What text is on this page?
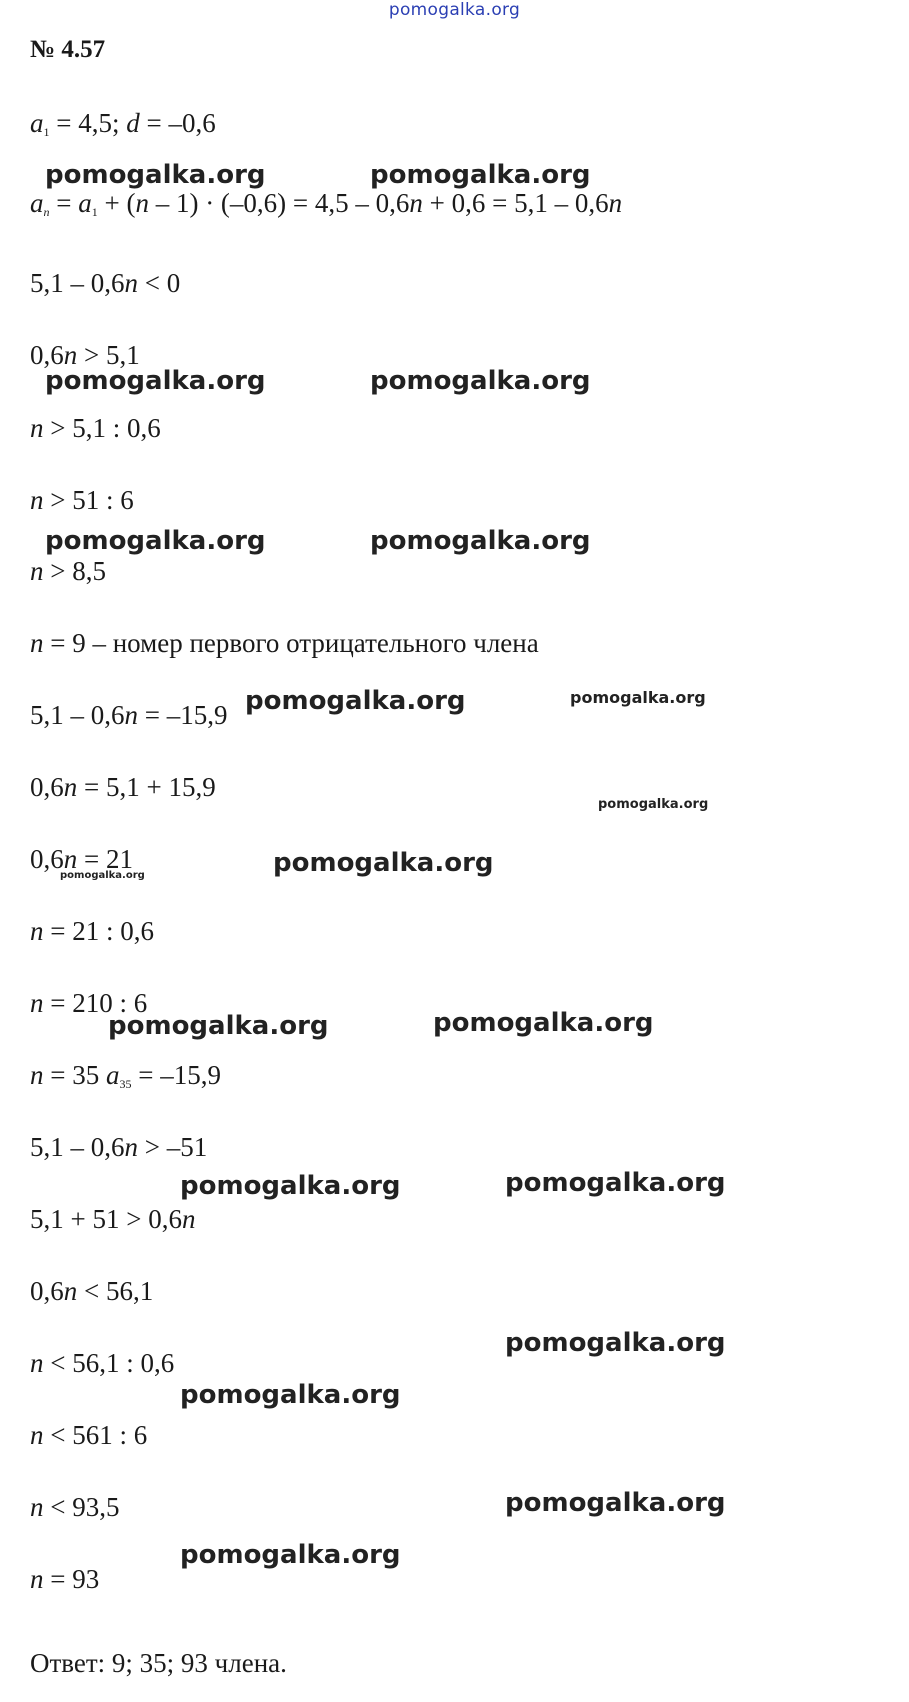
pomogalka.org
№ 4.57
$a_1 = 4,5$; d = –0,6
$a_n = a_1 + (n - 1) \cdot (-0,6) = 4,5 - 0,6n + 0,6 = 5,1 - 0,6n$
5,1 – 0,6n < 0
0,6n > 5,1
n > 5,1 : 0,6
n > 51 : 6
n > 8,5
n = 9 – номер первого отрицательного члена
5,1 – 0,6n = –15,9
0,6n = 5,1 + 15,9
0,6n = 21
n = 21 : 0,6
n = 210 : 6
n = 35 $a_{35} = -15,9$
5,1 – 0,6n > –51
5,1 + 51 > 0,6n
0,6n < 56,1
n < 56,1 : 0,6
n < 561 : 6
n < 93,5
n = 93
Ответ: 9; 35; 93 члена.
pomogalka.org	pomogalka.org
pomogalka.org	pomogalka.org
pomogalka.org	pomogalka.org
pomogalka.org	pomogalka.org
pomogalka.org
pomogalka.org
pomogalka.org
pomogalka.org	pomogalka.org
pomogalka.org	pomogalka.org
pomogalka.org
pomogalka.org
pomogalka.org
pomogalka.org
